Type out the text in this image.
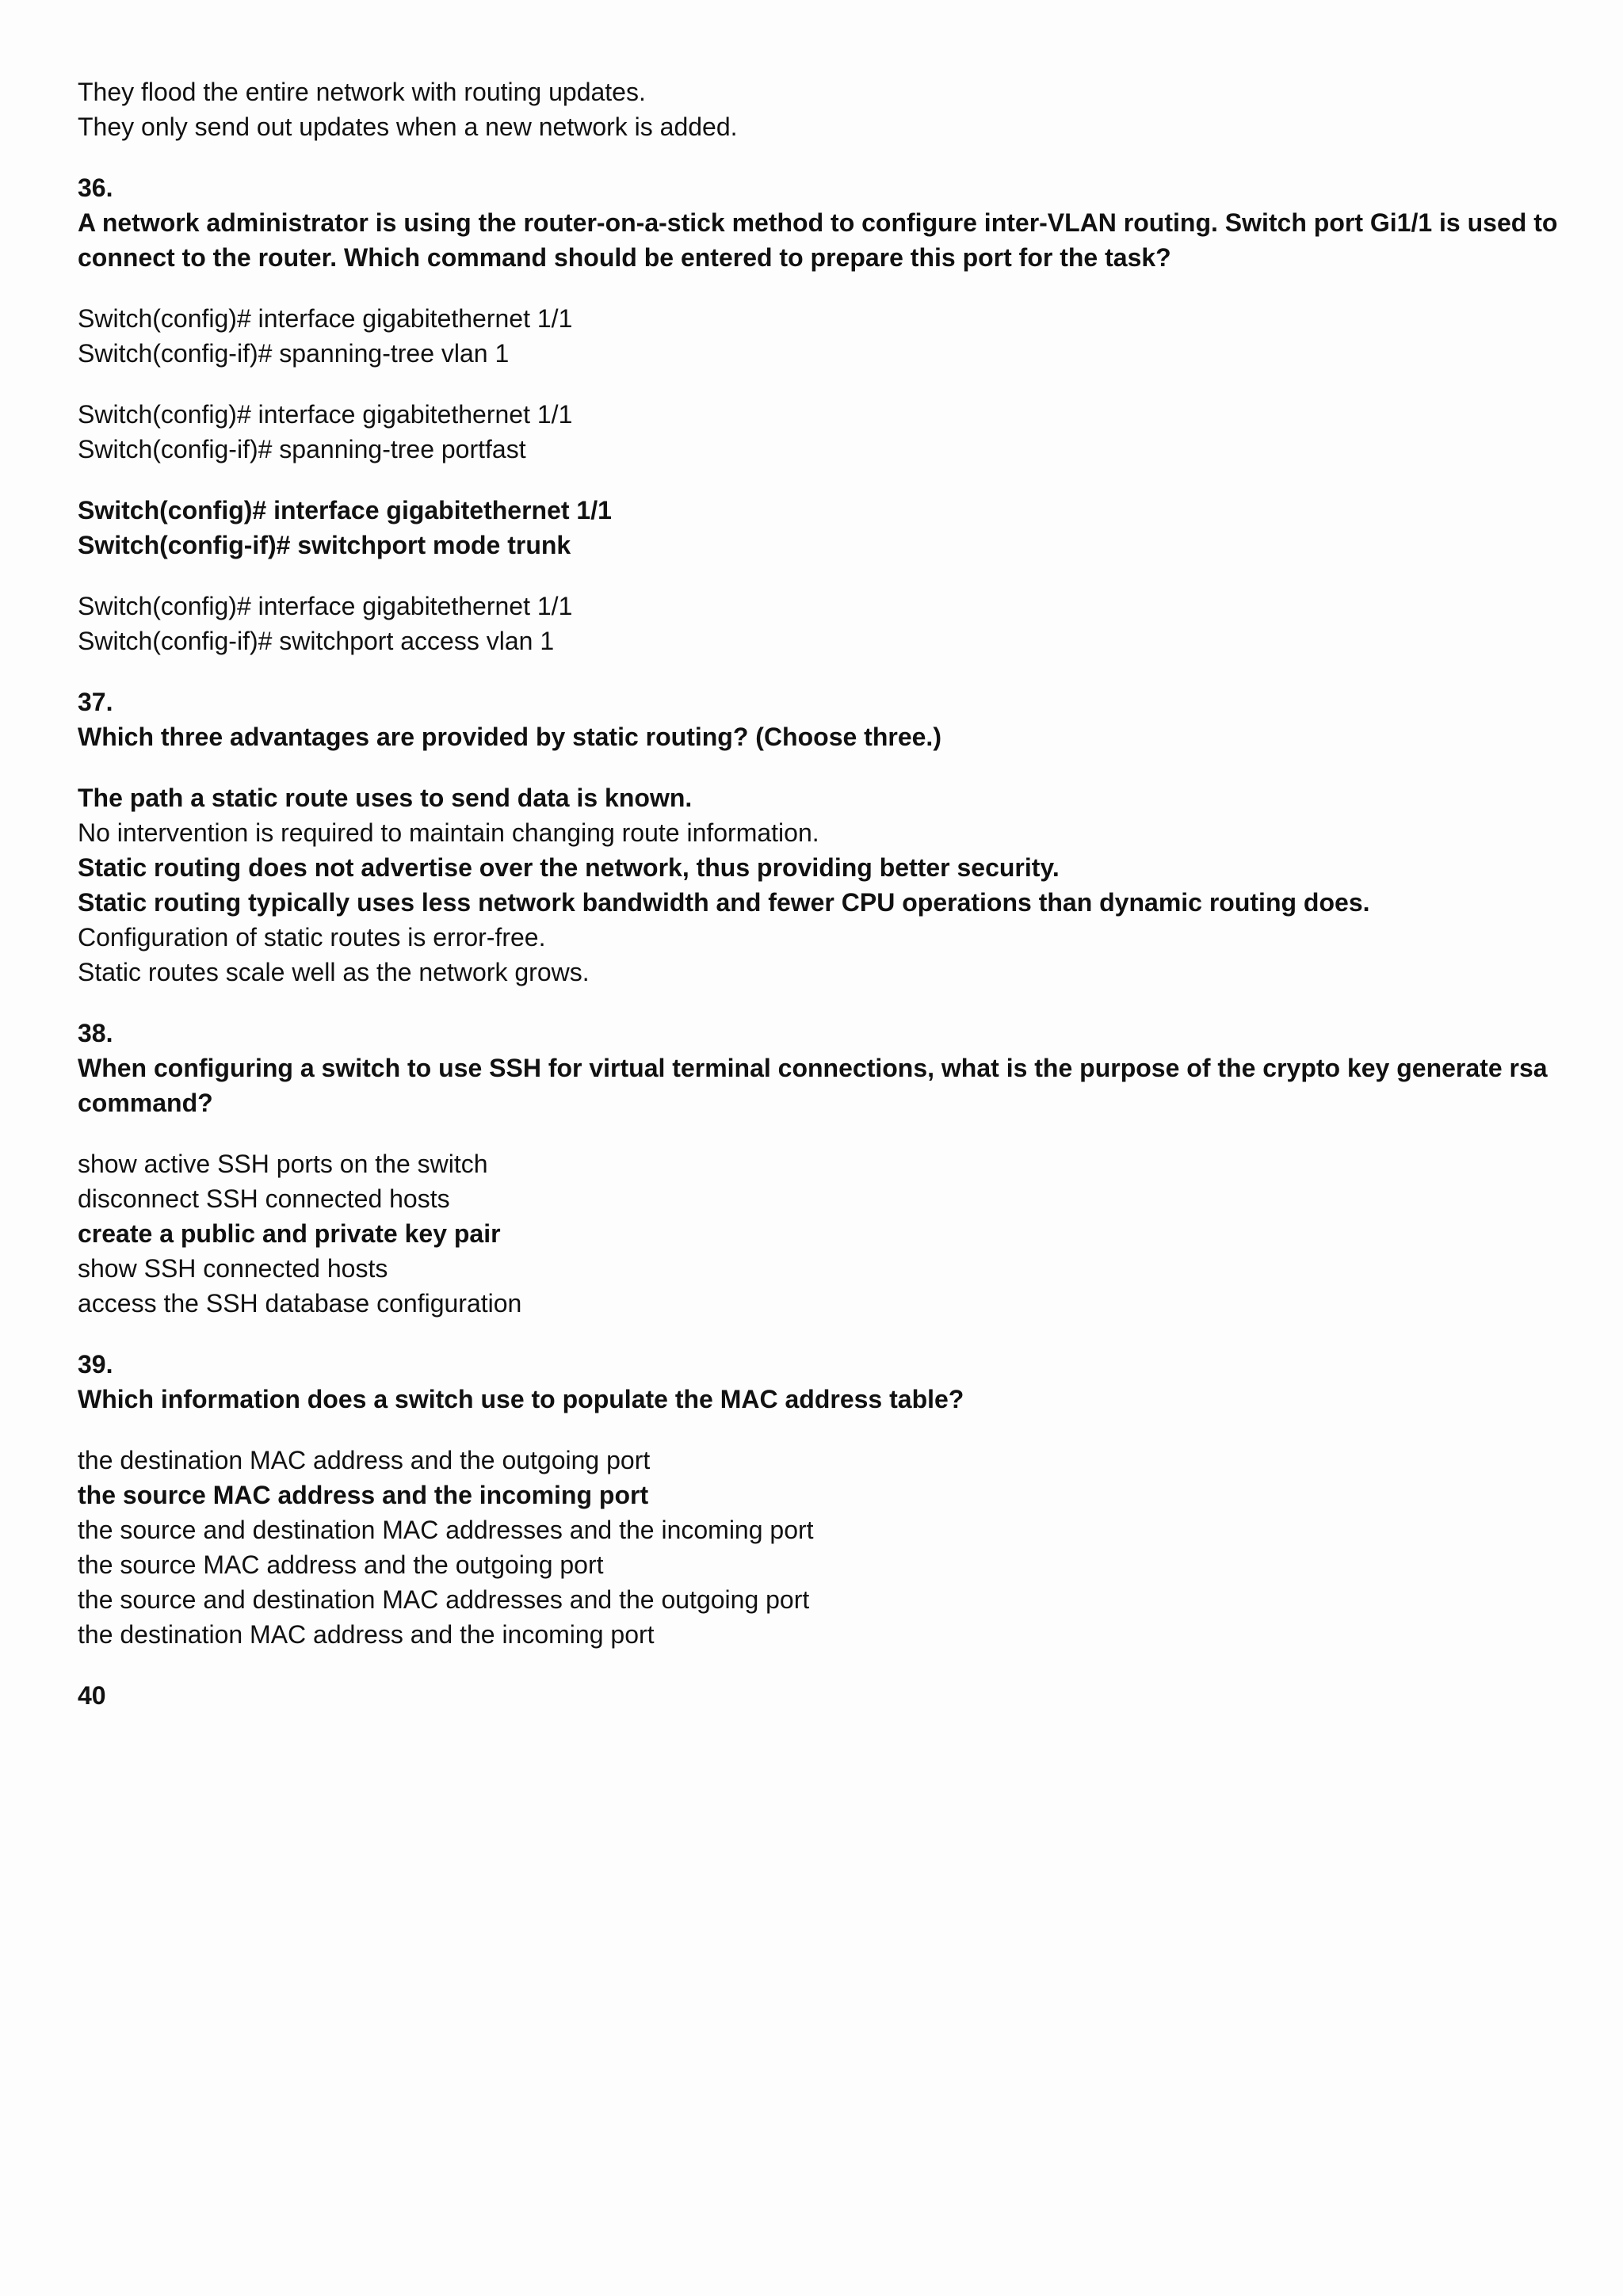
They flood the entire network with routing updates.
They only send out updates when a new network is added.
36.
A network administrator is using the router-on-a-stick method to configure inter-VLAN routing. Switch port Gi1/1 is used to connect to the router. Which command should be entered to prepare this port for the task?
Switch(config)# interface gigabitethernet 1/1
Switch(config-if)# spanning-tree vlan 1
Switch(config)# interface gigabitethernet 1/1
Switch(config-if)# spanning-tree portfast
Switch(config)# interface gigabitethernet 1/1
Switch(config-if)# switchport mode trunk
Switch(config)# interface gigabitethernet 1/1
Switch(config-if)# switchport access vlan 1
37.
Which three advantages are provided by static routing? (Choose three.)
The path a static route uses to send data is known.
No intervention is required to maintain changing route information.
Static routing does not advertise over the network, thus providing better security.
Static routing typically uses less network bandwidth and fewer CPU operations than dynamic routing does.
Configuration of static routes is error-free.
Static routes scale well as the network grows.
38.
When configuring a switch to use SSH for virtual terminal connections, what is the purpose of the crypto key generate rsa command?
show active SSH ports on the switch
disconnect SSH connected hosts
create a public and private key pair
show SSH connected hosts
access the SSH database configuration
39.
Which information does a switch use to populate the MAC address table?
the destination MAC address and the outgoing port
the source MAC address and the incoming port
the source and destination MAC addresses and the incoming port
the source MAC address and the outgoing port
the source and destination MAC addresses and the outgoing port
the destination MAC address and the incoming port
40
